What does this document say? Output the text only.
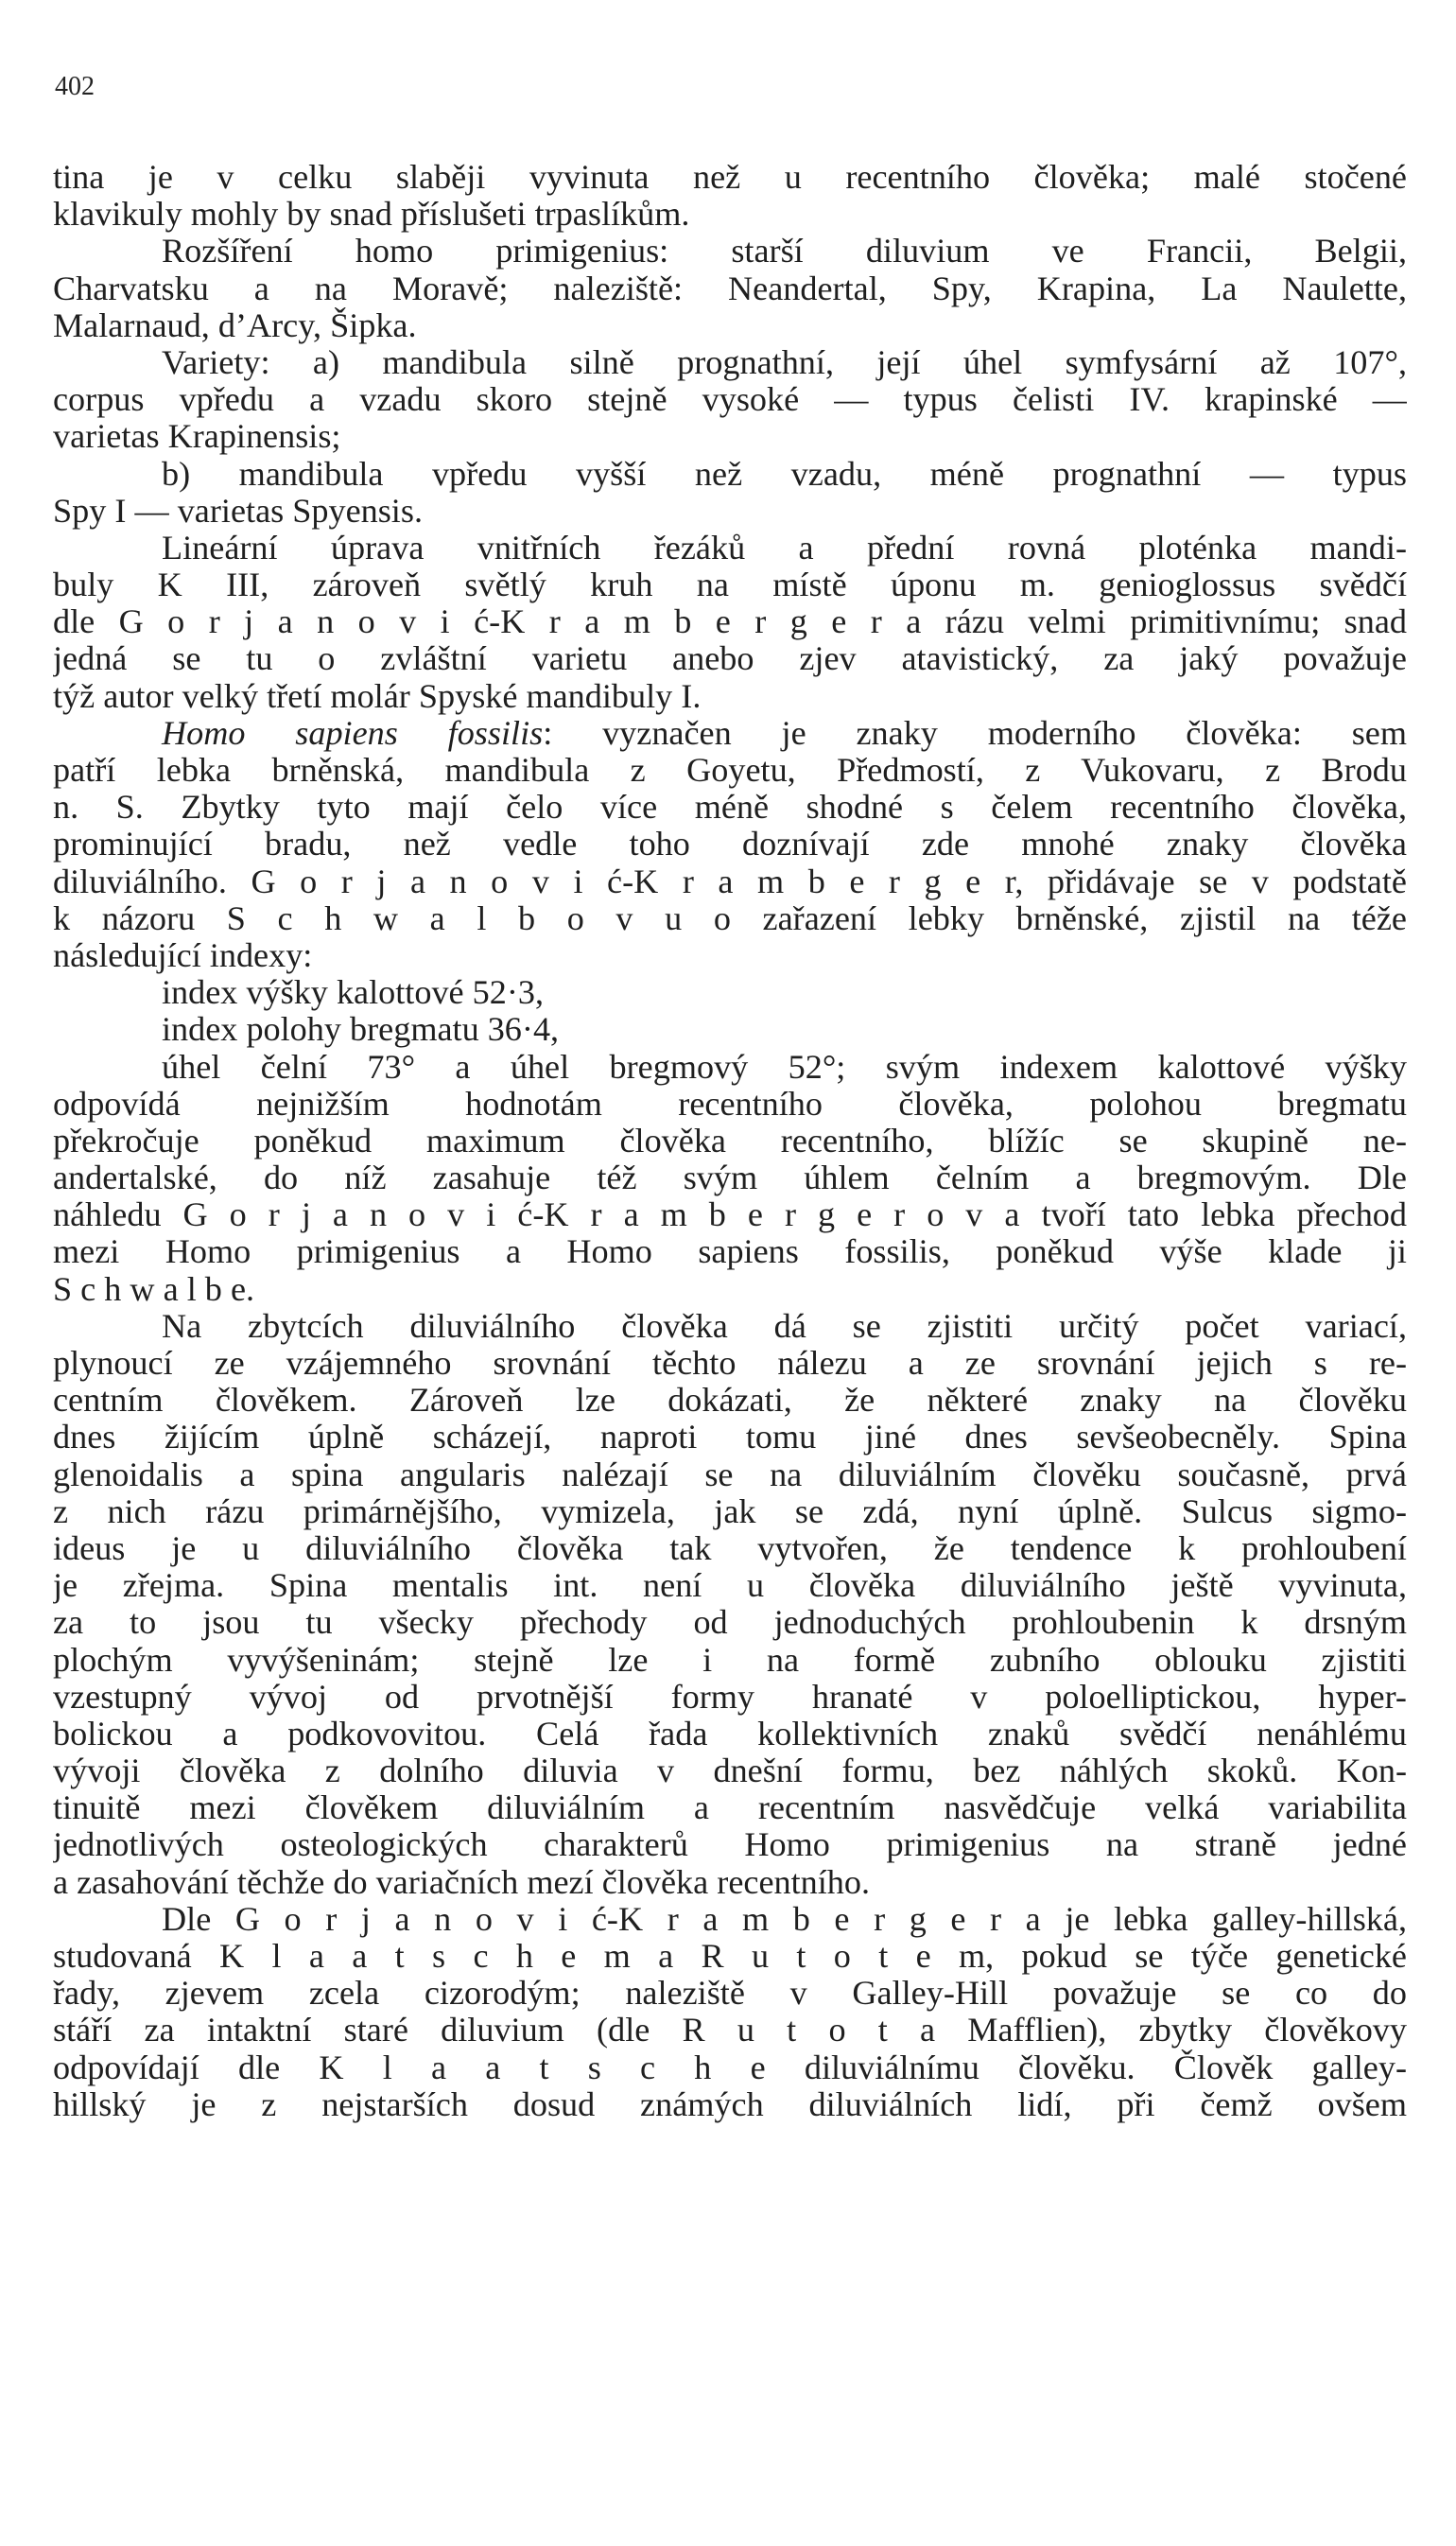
402
tina je v celku slaběji vyvinuta než u recentního člověka; malé stočené
klavikuly mohly by snad příslušeti trpaslíkům.
Rozšíření homo primigenius: starší diluvium ve Francii, Belgii,
Charvatsku a na Moravě; naleziště: Neandertal, Spy, Krapina, La Naulette,
Malarnaud, d’Arcy, Šipka.
Variety: a) mandibula silně prognathní, její úhel symfysární až 107°,
corpus vpředu a vzadu skoro stejně vysoké — typus čelisti IV. krapinské —
varietas Krapinensis;
b) mandibula vpředu vyšší než vzadu, méně prognathní — typus
Spy I — varietas Spyensis.
Lineární úprava vnitřních řezáků a přední rovná ploténka mandi-
buly K III, zároveň světlý kruh na místě úponu m. genioglossus svědčí
dle G o r j a n o v i ć-K r a m b e r g e r a rázu velmi primitivnímu; snad
jedná se tu o zvláštní varietu anebo zjev atavistický, za jaký považuje
týž autor velký třetí molár Spyské mandibuly I.
Homo sapiens fossilis: vyznačen je znaky moderního člověka: sem
patří lebka brněnská, mandibula z Goyetu, Předmostí, z Vukovaru, z Brodu
n. S. Zbytky tyto mají čelo více méně shodné s čelem recentního člověka,
prominující bradu, než vedle toho doznívají zde mnohé znaky člověka
diluviálního. G o r j a n o v i ć-K r a m b e r g e r, přidávaje se v podstatě
k názoru S c h w a l b o v u o zařazení lebky brněnské, zjistil na téže
následující indexy:
index výšky kalottové 52·3,
index polohy bregmatu 36·4,
úhel čelní 73° a úhel bregmový 52°; svým indexem kalottové výšky
odpovídá nejnižším hodnotám recentního člověka, polohou bregmatu
překročuje poněkud maximum člověka recentního, blížíc se skupině ne-
andertalské, do níž zasahuje též svým úhlem čelním a bregmovým. Dle
náhledu G o r j a n o v i ć-K r a m b e r g e r o v a tvoří tato lebka přechod
mezi Homo primigenius a Homo sapiens fossilis, poněkud výše klade ji
S c h w a l b e.
Na zbytcích diluviálního člověka dá se zjistiti určitý počet variací,
plynoucí ze vzájemného srovnání těchto nálezu a ze srovnání jejich s re-
centním člověkem. Zároveň lze dokázati, že některé znaky na člověku
dnes žijícím úplně scházejí, naproti tomu jiné dnes sevšeobecněly. Spina
glenoidalis a spina angularis nalézají se na diluviálním člověku současně, prvá
z nich rázu primárnějšího, vymizela, jak se zdá, nyní úplně. Sulcus sigmo-
ideus je u diluviálního člověka tak vytvořen, že tendence k prohloubení
je zřejma. Spina mentalis int. není u člověka diluviálního ještě vyvinuta,
za to jsou tu všecky přechody od jednoduchých prohloubenin k drsným
plochým vyvýšeninám; stejně lze i na formě zubního oblouku zjistiti
vzestupný vývoj od prvotnější formy hranaté v poloelliptickou, hyper-
bolickou a podkovovitou. Celá řada kollektivních znaků svědčí nenáhlému
vývoji člověka z dolního diluvia v dnešní formu, bez náhlých skoků. Kon-
tinuitě mezi člověkem diluviálním a recentním nasvědčuje velká variabilita
jednotlivých osteologických charakterů Homo primigenius na straně jedné
a zasahování těchže do variačních mezí člověka recentního.
Dle G o r j a n o v i ć-K r a m b e r g e r a je lebka galley-hillská,
studovaná K l a a t s c h e m a R u t o t e m, pokud se týče genetické
řady, zjevem zcela cizorodým; naleziště v Galley-Hill považuje se co do
stáří za intaktní staré diluvium (dle R u t o t a Mafflien), zbytky člověkovy
odpovídají dle K l a a t s c h e diluviálnímu člověku. Člověk galley-
hillský je z nejstarších dosud známých diluviálních lidí, při čemž ovšem
